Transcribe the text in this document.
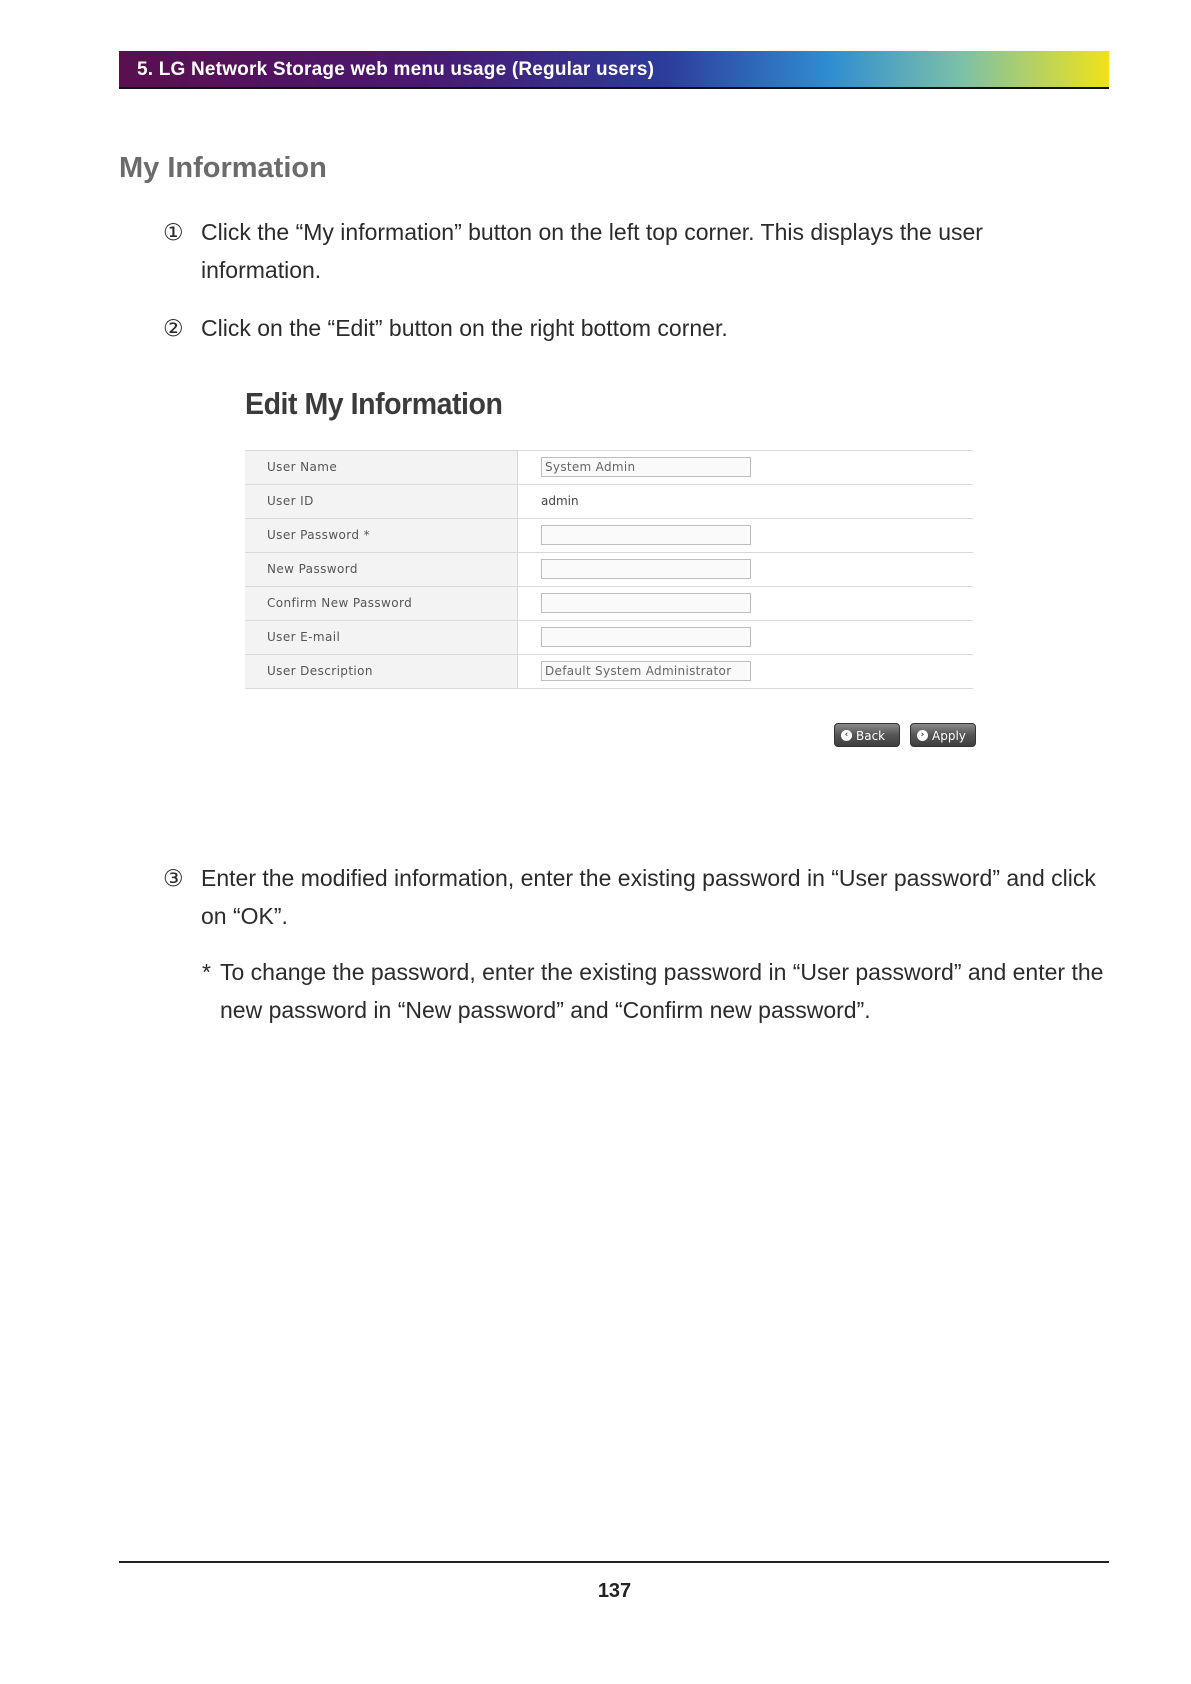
5. LG Network Storage web menu usage (Regular users)
My Information
① Click the “My information” button on the left top corner. This displays the user information.
② Click on the “Edit” button on the right bottom corner.
Edit My Information
User Name	System Admin
User ID	admin
User Password *
New Password
Confirm New Password
User E-mail
User Description	Default System Administrator
‹ Back	› Apply
③ Enter the modified information, enter the existing password in “User password” and click on “OK”.
* To change the password, enter the existing password in “User password” and enter the new password in “New password” and “Confirm new password”.
137
